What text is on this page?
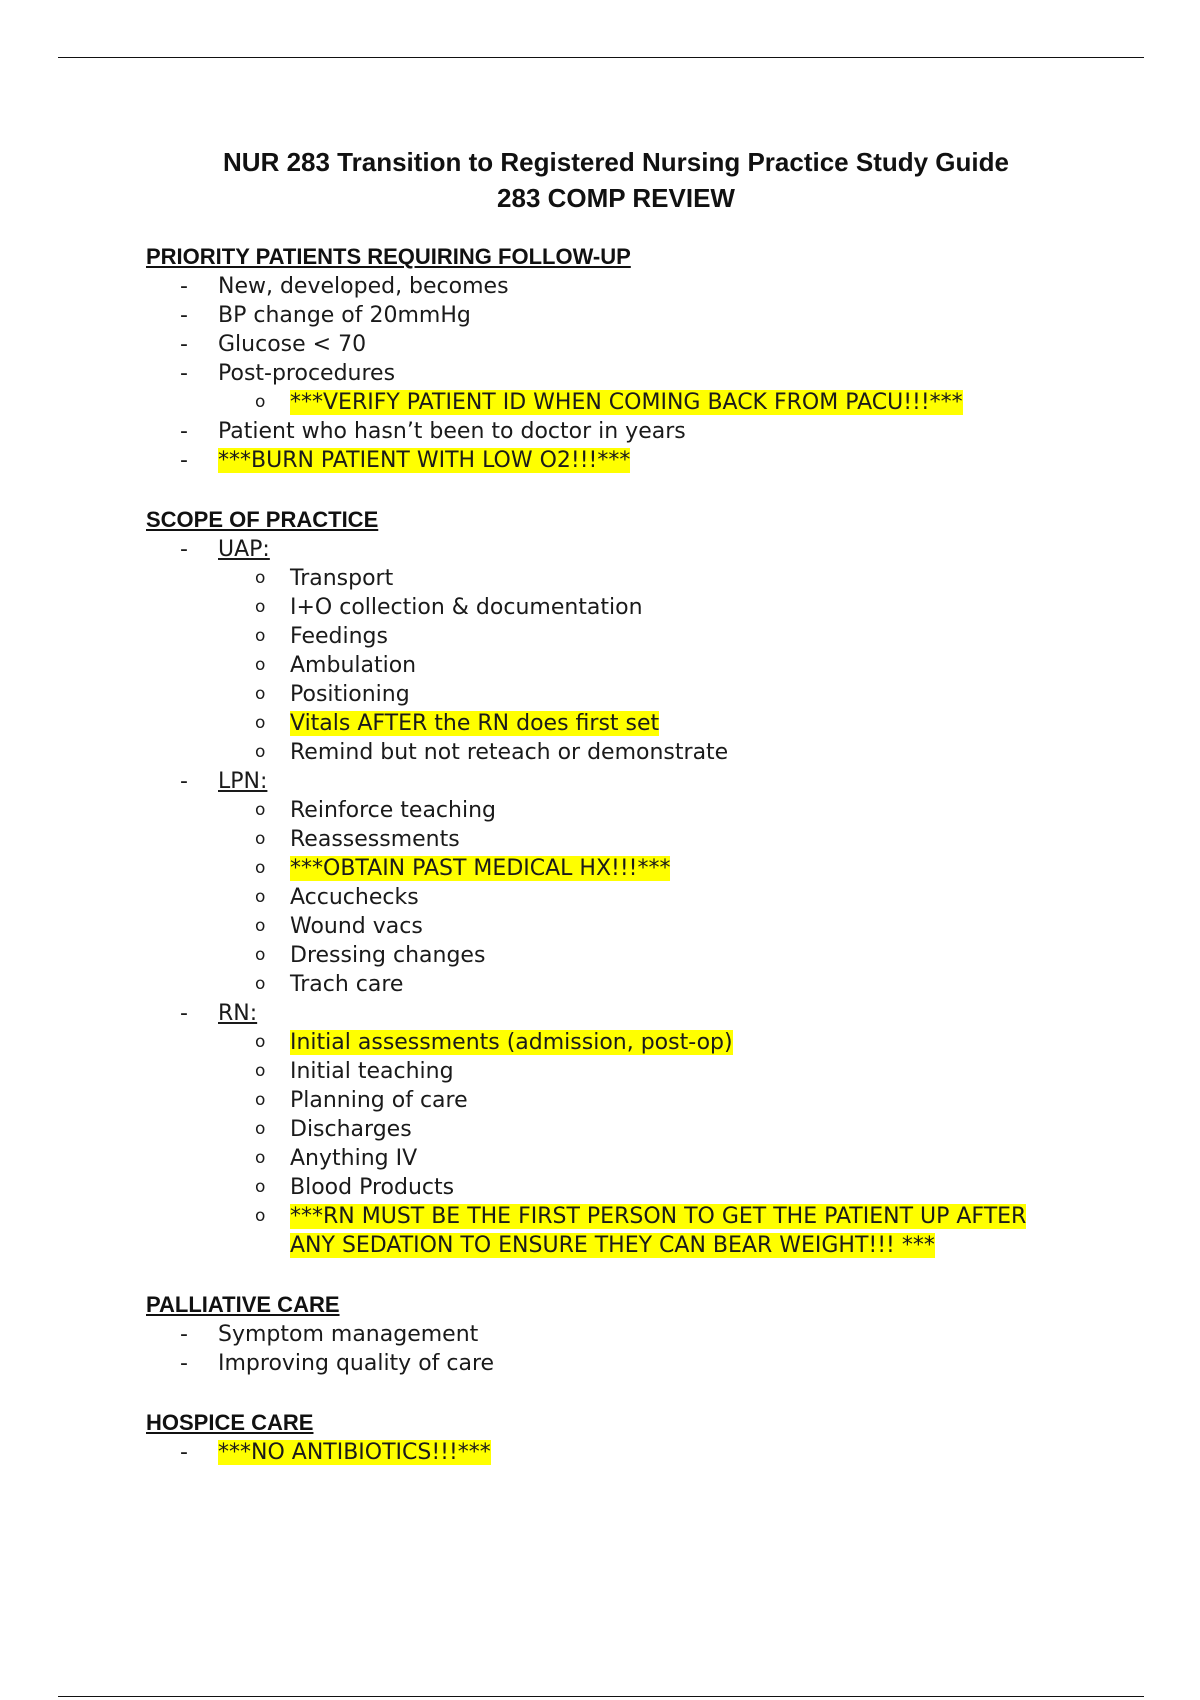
NUR 283 Transition to Registered Nursing Practice Study Guide
283 COMP REVIEW
PRIORITY PATIENTS REQUIRING FOLLOW-UP
- New, developed, becomes
- BP change of 20mmHg
- Glucose < 70
- Post-procedures
o ***VERIFY PATIENT ID WHEN COMING BACK FROM PACU!!!***
- Patient who hasn’t been to doctor in years
- ***BURN PATIENT WITH LOW O2!!!***
SCOPE OF PRACTICE
- UAP:
o Transport
o I+O collection & documentation
o Feedings
o Ambulation
o Positioning
o Vitals AFTER the RN does first set
o Remind but not reteach or demonstrate
- LPN:
o Reinforce teaching
o Reassessments
o ***OBTAIN PAST MEDICAL HX!!!***
o Accuchecks
o Wound vacs
o Dressing changes
o Trach care
- RN:
o Initial assessments (admission, post-op)
o Initial teaching
o Planning of care
o Discharges
o Anything IV
o Blood Products
o ***RN MUST BE THE FIRST PERSON TO GET THE PATIENT UP AFTER ANY SEDATION TO ENSURE THEY CAN BEAR WEIGHT!!! ***
PALLIATIVE CARE
- Symptom management
- Improving quality of care
HOSPICE CARE
- ***NO ANTIBIOTICS!!!***
